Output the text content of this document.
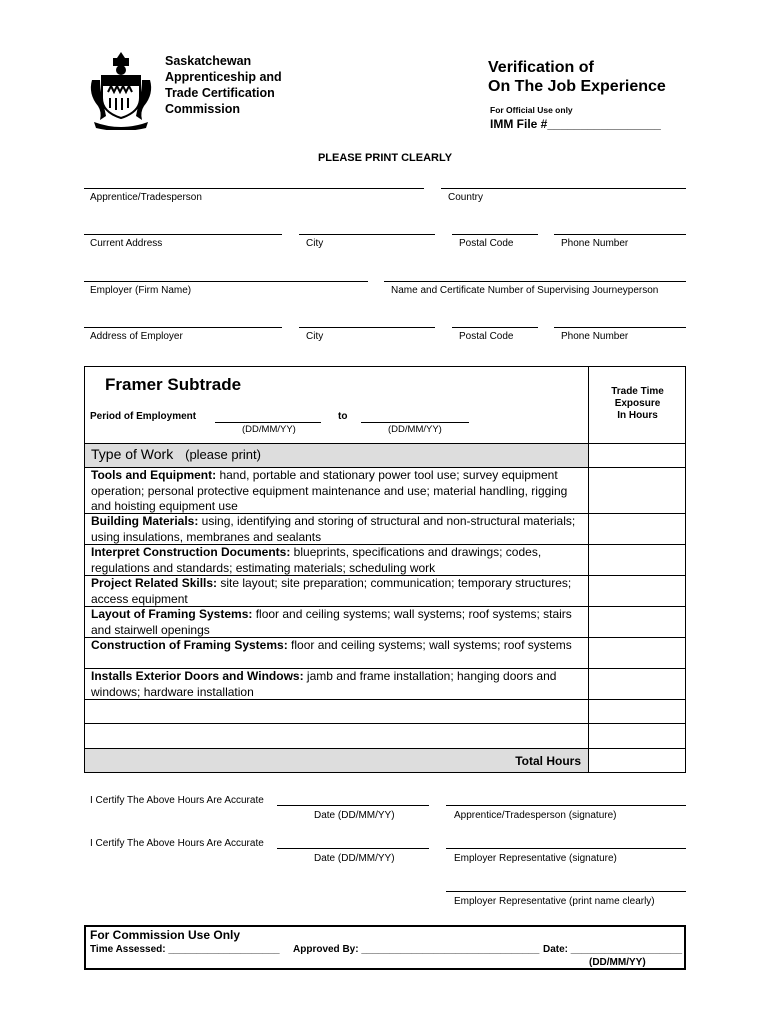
Saskatchewan
Apprenticeship and
Trade Certification
Commission
Verification of
On The Job Experience
For Official Use only
IMM File #_________________
PLEASE PRINT CLEARLY
Apprentice/Tradesperson	Country
Current Address	City	Postal Code	Phone Number
Employer (Firm Name)	Name and Certificate Number of Supervising Journeyperson
Address of Employer	City	Postal Code	Phone Number
Framer Subtrade
Period of Employment	to
(DD/MM/YY)	(DD/MM/YY)
Trade Time
Exposure
In Hours
Type of Work (please print)
Tools and Equipment: hand, portable and stationary power tool use; survey equipment operation; personal protective equipment maintenance and use; material handling, rigging and hoisting equipment use
Building Materials: using, identifying and storing of structural and non-structural materials; using insulations, membranes and sealants
Interpret Construction Documents: blueprints, specifications and drawings; codes, regulations and standards; estimating materials; scheduling work
Project Related Skills: site layout; site preparation; communication; temporary structures; access equipment
Layout of Framing Systems: floor and ceiling systems; wall systems; roof systems; stairs and stairwell openings
Construction of Framing Systems: floor and ceiling systems; wall systems; roof systems
Installs Exterior Doors and Windows: jamb and frame installation; hanging doors and windows; hardware installation
Total Hours
I Certify The Above Hours Are Accurate
Date (DD/MM/YY)	Apprentice/Tradesperson (signature)
I Certify The Above Hours Are Accurate
Date (DD/MM/YY)	Employer Representative (signature)
Employer Representative (print name clearly)
For Commission Use Only
Time Assessed: ____________________ Approved By: ________________________________ Date: ____________________
(DD/MM/YY)
